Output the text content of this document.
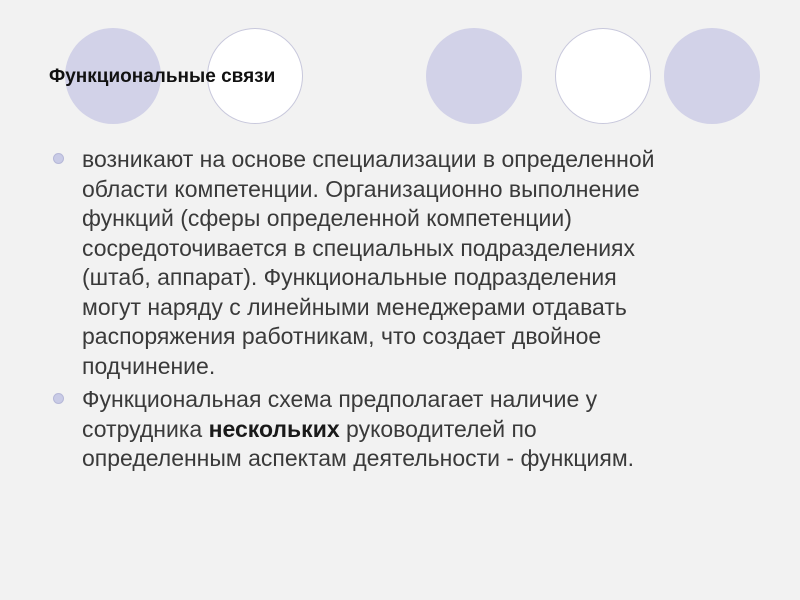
Функциональные связи
возникают на основе специализации в определенной
области компетенции. Организационно выполнение
функций (сферы определенной компетенции)
сосредоточивается в специальных подразделениях
(штаб, аппарат). Функциональные подразделения
могут наряду с линейными менеджерами отдавать
распоряжения работникам, что создает двойное
подчинение.
Функциональная схема предполагает наличие у
сотрудника нескольких руководителей по
определенным аспектам деятельности - функциям.
